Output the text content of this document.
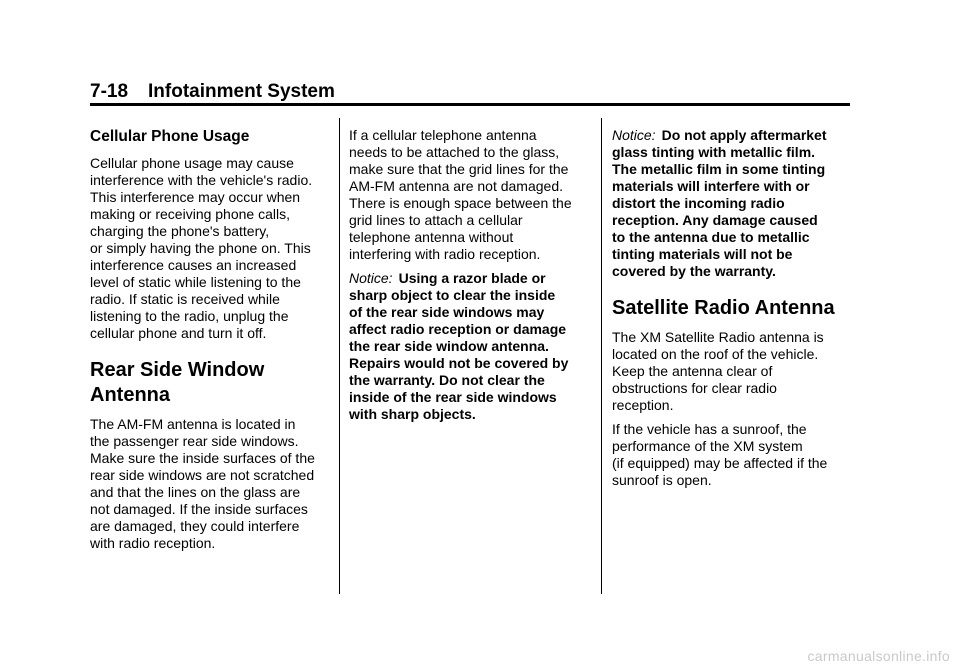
7-18 Infotainment System
Cellular Phone Usage

Cellular phone usage may cause
interference with the vehicle's radio.
This interference may occur when
making or receiving phone calls,
charging the phone's battery,
or simply having the phone on. This
interference causes an increased
level of static while listening to the
radio. If static is received while
listening to the radio, unplug the
cellular phone and turn it off.

Rear Side Window
Antenna

The AM-FM antenna is located in
the passenger rear side windows.
Make sure the inside surfaces of the
rear side windows are not scratched
and that the lines on the glass are
not damaged. If the inside surfaces
are damaged, they could interfere
with radio reception.

If a cellular telephone antenna
needs to be attached to the glass,
make sure that the grid lines for the
AM-FM antenna are not damaged.
There is enough space between the
grid lines to attach a cellular
telephone antenna without
interfering with radio reception.

Notice: Using a razor blade or
sharp object to clear the inside
of the rear side windows may
affect radio reception or damage
the rear side window antenna.
Repairs would not be covered by
the warranty. Do not clear the
inside of the rear side windows
with sharp objects.

Notice: Do not apply aftermarket
glass tinting with metallic film.
The metallic film in some tinting
materials will interfere with or
distort the incoming radio
reception. Any damage caused
to the antenna due to metallic
tinting materials will not be
covered by the warranty.

Satellite Radio Antenna

The XM Satellite Radio antenna is
located on the roof of the vehicle.
Keep the antenna clear of
obstructions for clear radio
reception.

If the vehicle has a sunroof, the
performance of the XM system
(if equipped) may be affected if the
sunroof is open.

carmanualsonline.info
